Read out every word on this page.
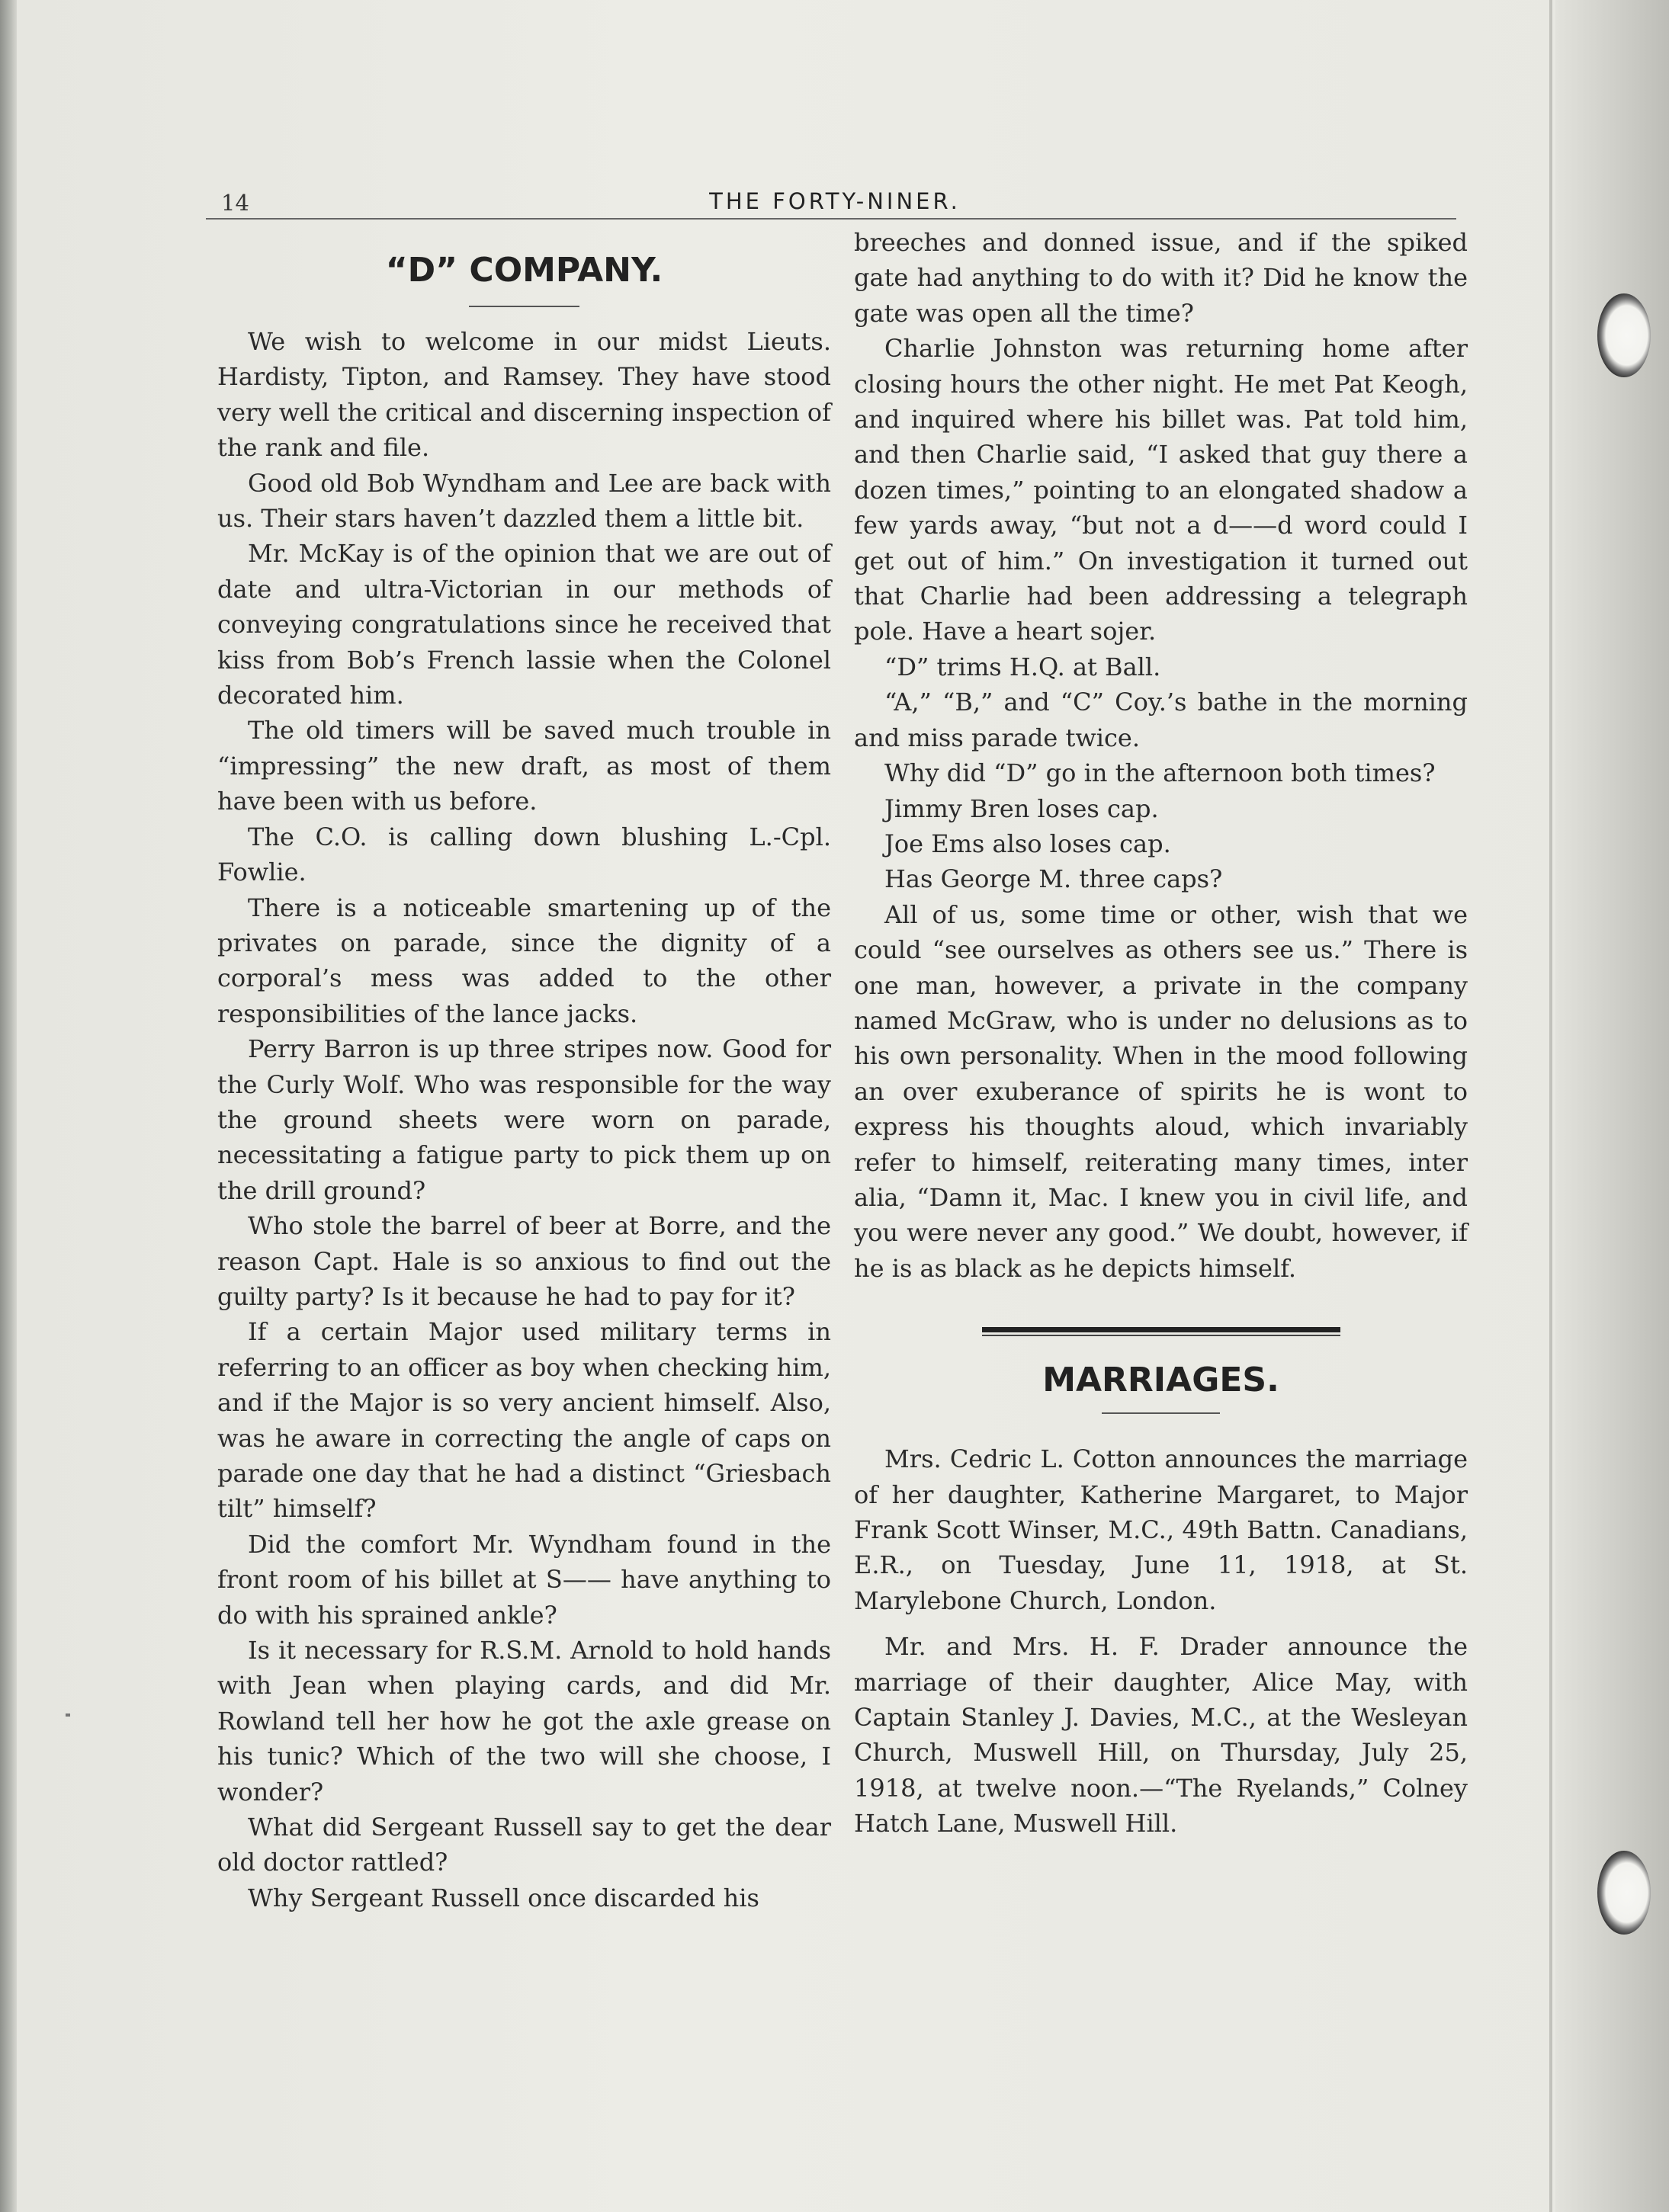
14	THE FORTY-NINER.
“D” COMPANY.

We wish to welcome in our midst Lieuts. Hardisty, Tipton, and Ramsey. They have stood very well the critical and discerning inspection of the rank and file.

Good old Bob Wyndham and Lee are back with us. Their stars haven’t dazzled them a little bit.

Mr. McKay is of the opinion that we are out of date and ultra-Victorian in our methods of conveying congratulations since he received that kiss from Bob’s French lassie when the Colonel decorated him.

The old timers will be saved much trouble in “impressing” the new draft, as most of them have been with us before.

The C.O. is calling down blushing L.-Cpl. Fowlie.

There is a noticeable smartening up of the privates on parade, since the dignity of a corporal’s mess was added to the other responsibilities of the lance jacks.

Perry Barron is up three stripes now. Good for the Curly Wolf. Who was responsible for the way the ground sheets were worn on parade, necessitating a fatigue party to pick them up on the drill ground?

Who stole the barrel of beer at Borre, and the reason Capt. Hale is so anxious to find out the guilty party? Is it because he had to pay for it?

If a certain Major used military terms in referring to an officer as boy when checking him, and if the Major is so very ancient himself. Also, was he aware in correcting the angle of caps on parade one day that he had a distinct “Griesbach tilt” himself?

Did the comfort Mr. Wyndham found in the front room of his billet at S—— have anything to do with his sprained ankle?

Is it necessary for R.S.M. Arnold to hold hands with Jean when playing cards, and did Mr. Rowland tell her how he got the axle grease on his tunic? Which of the two will she choose, I wonder?

What did Sergeant Russell say to get the dear old doctor rattled?

Why Sergeant Russell once discarded his

breeches and donned issue, and if the spiked gate had anything to do with it? Did he know the gate was open all the time?

Charlie Johnston was returning home after closing hours the other night. He met Pat Keogh, and inquired where his billet was. Pat told him, and then Charlie said, “I asked that guy there a dozen times,” pointing to an elongated shadow a few yards away, “but not a d——d word could I get out of him.” On investigation it turned out that Charlie had been addressing a telegraph pole. Have a heart sojer.

“D” trims H.Q. at Ball.

“A,” “B,” and “C” Coy.’s bathe in the morning and miss parade twice.

Why did “D” go in the afternoon both times?

Jimmy Bren loses cap.

Joe Ems also loses cap.

Has George M. three caps?

All of us, some time or other, wish that we could “see ourselves as others see us.” There is one man, however, a private in the company named McGraw, who is under no delusions as to his own personality. When in the mood following an over exuberance of spirits he is wont to express his thoughts aloud, which invariably refer to himself, reiterating many times, inter alia, “Damn it, Mac. I knew you in civil life, and you were never any good.” We doubt, however, if he is as black as he depicts himself.

MARRIAGES.

Mrs. Cedric L. Cotton announces the marriage of her daughter, Katherine Margaret, to Major Frank Scott Winser, M.C., 49th Battn. Canadians, E.R., on Tuesday, June 11, 1918, at St. Marylebone Church, London.

Mr. and Mrs. H. F. Drader announce the marriage of their daughter, Alice May, with Captain Stanley J. Davies, M.C., at the Wesleyan Church, Muswell Hill, on Thursday, July 25, 1918, at twelve noon.—“The Ryelands,” Colney Hatch Lane, Muswell Hill.
